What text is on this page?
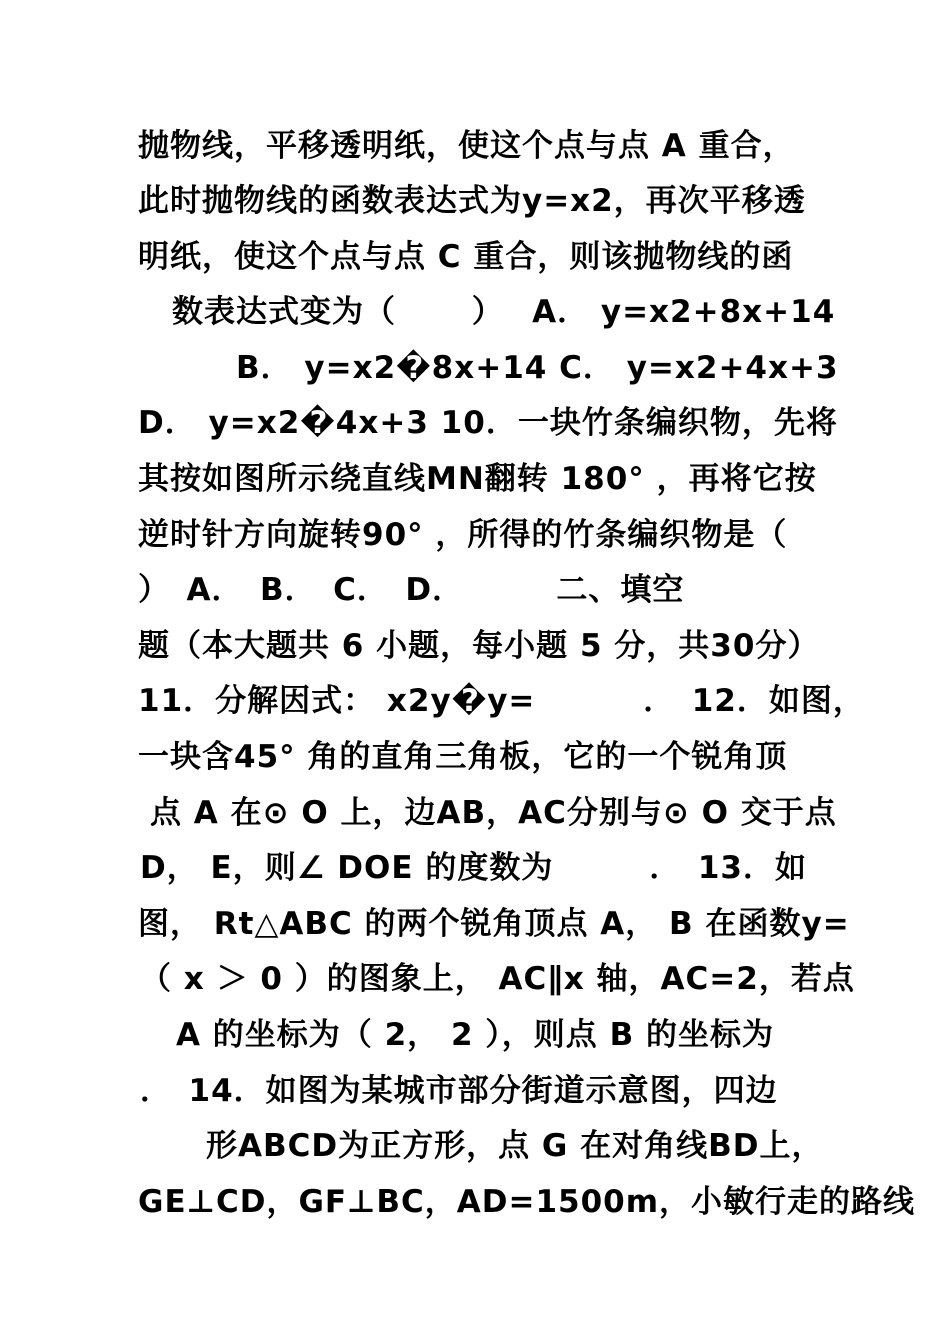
抛物线，平移透明纸，使这个点与点 A 重合，
此时抛物线的函数表达式为y=x2，再次平移透
明纸，使这个点与点 C 重合，则该抛物线的函
数表达式变为（　　 ）　 A． y=x2+8x+14
B． y=x2�8x+14 C． y=x2+4x+3
D． y=x2�4x+3 10．一块竹条编织物，先将
其按如图所示绕直线MN翻转 180° ，再将它按
逆时针方向旋转90° ，所得的竹条编织物是（
）　A．　B．　C．　D．　　　 二、填空
题（本大题共 6 小题，每小题 5 分，共30分）
11．分解因式： x2y�y=　　　 ．　12．如图，
一块含45° 角的直角三角板，它的一个锐角顶
点 A 在⊙ O 上，边AB，AC分别与⊙ O 交于点
D， E，则∠ DOE 的度数为　　　．　13．如
图， Rt△ABC 的两个锐角顶点 A， B 在函数y=
（ x ＞ 0 ）的图象上， AC∥x 轴，AC=2，若点
A 的坐标为（ 2， 2 ），则点 B 的坐标为
．　14．如图为某城市部分街道示意图，四边
形ABCD为正方形，点 G 在对角线BD上，
GE⊥CD，GF⊥BC，AD=1500m，小敏行走的路线
